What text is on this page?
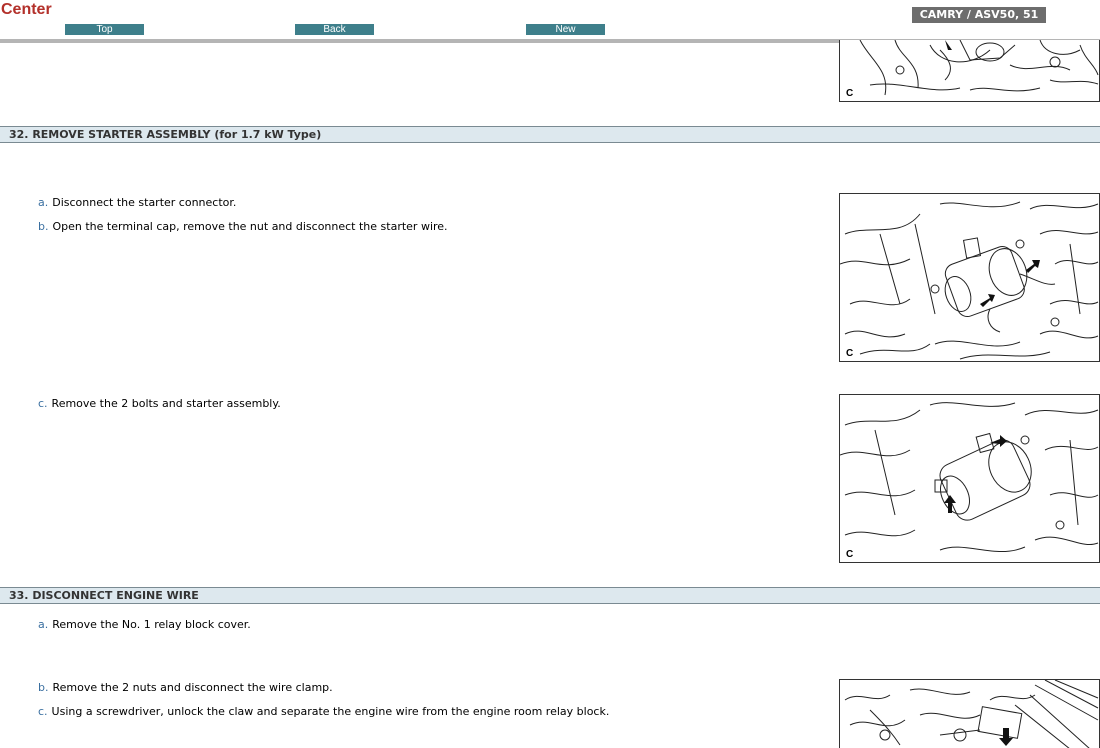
Center
Top	Back	New
CAMRY / ASV50, 51
C
32. REMOVE STARTER ASSEMBLY (for 1.7 kW Type)
a. Disconnect the starter connector.
b. Open the terminal cap, remove the nut and disconnect the starter wire.
c. Remove the 2 bolts and starter assembly.
C
C
33. DISCONNECT ENGINE WIRE
a. Remove the No. 1 relay block cover.
b. Remove the 2 nuts and disconnect the wire clamp.
c. Using a screwdriver, unlock the claw and separate the engine wire from the engine room relay block.
